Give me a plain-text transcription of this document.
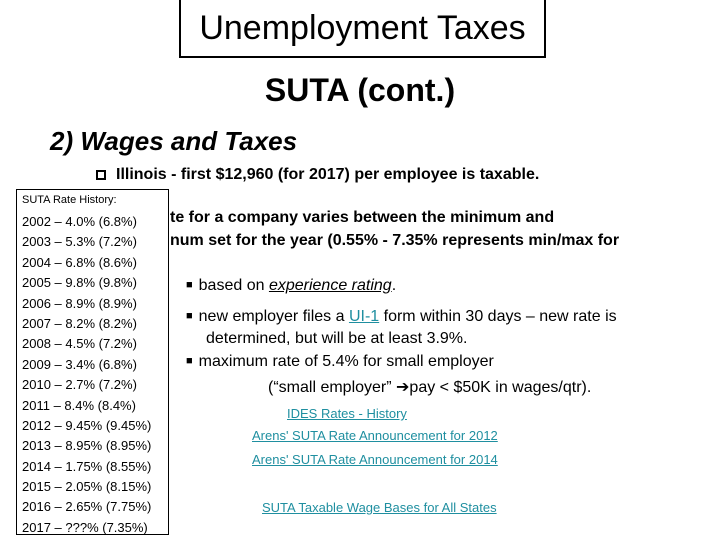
Unemployment Taxes
SUTA (cont.)
2) Wages and Taxes
Illinois - first $12,960 (for 2017) per employee is taxable.
te for a company varies between the minimum and
num set for the year (0.55% - 7.35% represents min/max for
■ based on experience rating.
■ new employer files a UI-1 form within 30 days – new rate is
determined, but will be at least 3.9%.
■ maximum rate of 5.4% for small employer
(“small employer” ➔pay < $50K in wages/qtr).
IDES Rates - History
Arens' SUTA Rate Announcement for 2012
Arens' SUTA Rate Announcement for 2014
SUTA Taxable Wage Bases for All States
SUTA Rate History:
2002 – 4.0% (6.8%)
2003 – 5.3% (7.2%)
2004 – 6.8% (8.6%)
2005 – 9.8% (9.8%)
2006 – 8.9% (8.9%)
2007 – 8.2% (8.2%)
2008 – 4.5% (7.2%)
2009 – 3.4% (6.8%)
2010 – 2.7% (7.2%)
2011 – 8.4% (8.4%)
2012 – 9.45% (9.45%)
2013 – 8.95% (8.95%)
2014 – 1.75% (8.55%)
2015 – 2.05% (8.15%)
2016 – 2.65% (7.75%)
2017 – ???% (7.35%)
